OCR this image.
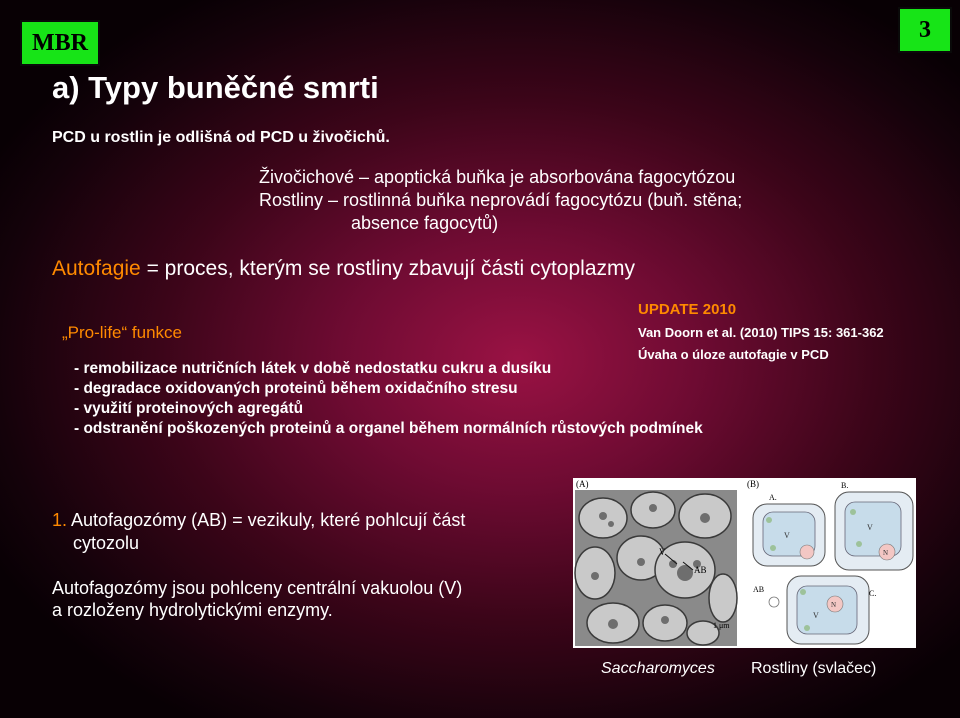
MBR	3
a) Typy buněčné smrti
PCD u rostlin je odlišná od PCD u živočichů.
Živočichové – apoptická buňka je absorbována fagocytózou
Rostliny – rostlinná buňka neprovádí fagocytózu (buň. stěna;
absence fagocytů)
Autofagie = proces, kterým se rostliny zbavují části cytoplazmy
UPDATE 2010
Van Doorn et al. (2010) TIPS 15: 361-362
Úvaha o úloze autofagie v PCD
„Pro-life“ funkce
- remobilizace nutričních látek v době nedostatku cukru a dusíku
- degradace oxidovaných proteinů během oxidačního stresu
- využití proteinových agregátů
- odstranění poškozených proteinů a organel během normálních růstových podmínek
1. Autofagozómy (AB) = vezikuly, které pohlcují část
cytozolu
Autofagozómy jsou pohlceny centrální vakuolou (V)
a rozloženy hydrolytickými enzymy.
(A)
V
AB
1 μm
(B)
A.
B.
C.
V
V
N
V
N
AB
Saccharomyces Rostliny (svlačec)
